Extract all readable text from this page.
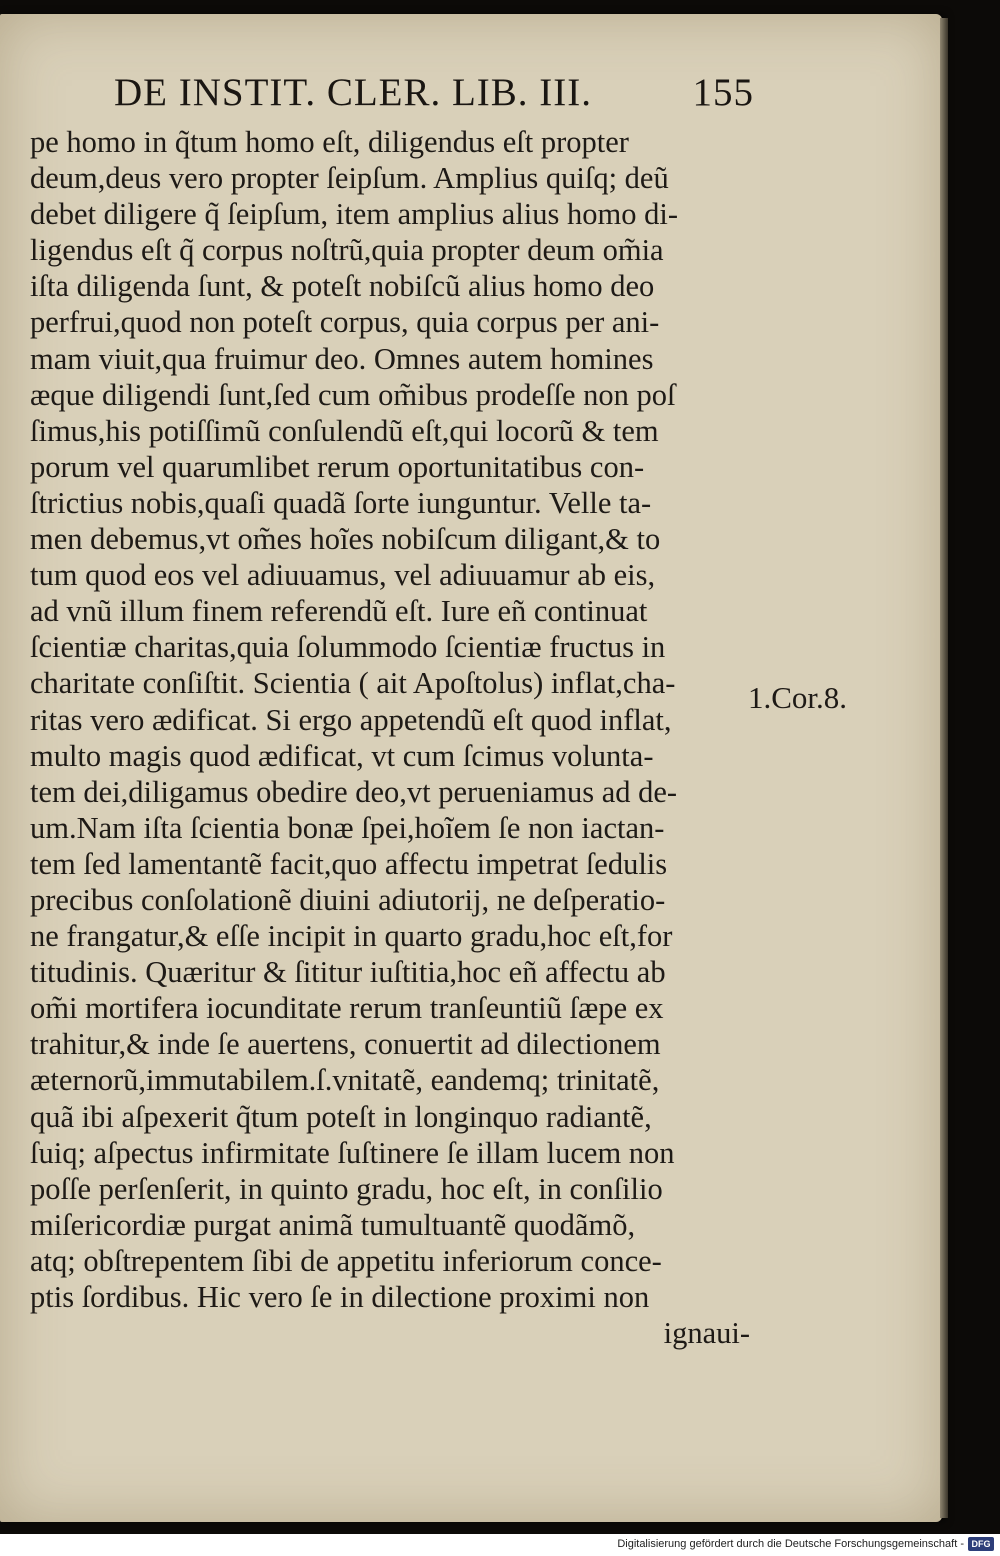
DE INSTIT. CLER. LIB. III.	155
pe homo in q̃tum homo eſt, diligendus eſt propter
deum,deus vero propter ſeipſum. Amplius quiſq; deũ
debet diligere q̃ ſeipſum, item amplius alius homo di-
ligendus eſt q̃ corpus noſtrũ,quia propter deum om̃ia
iſta diligenda ſunt, & poteſt nobiſcũ alius homo deo
perfrui,quod non poteſt corpus, quia corpus per ani-
mam viuit,qua fruimur deo. Omnes autem homines
æque diligendi ſunt,ſed cum om̃ibus prodeſſe non poſ
ſimus,his potiſſimũ conſulendũ eſt,qui locorũ & tem
porum vel quarumlibet rerum oportunitatibus con-
ſtrictius nobis,quaſi quadã ſorte iunguntur. Velle ta-
men debemus,vt om̃es hoĩes nobiſcum diligant,& to
tum quod eos vel adiuuamus, vel adiuuamur ab eis,
ad vnũ illum finem referendũ eſt. Iure eñ continuat
ſcientiæ charitas,quia ſolummodo ſcientiæ fructus in
charitate conſiſtit. Scientia ( ait Apoſtolus) inflat,cha-
ritas vero ædificat. Si ergo appetendũ eſt quod inflat,
multo magis quod ædificat, vt cum ſcimus volunta-
tem dei,diligamus obedire deo,vt perueniamus ad de-
um.Nam iſta ſcientia bonæ ſpei,hoĩem ſe non iactan-
tem ſed lamentantẽ facit,quo affectu impetrat ſedulis
precibus conſolationẽ diuini adiutorij, ne deſperatio-
ne frangatur,& eſſe incipit in quarto gradu,hoc eſt,for
titudinis. Quæritur & ſititur iuſtitia,hoc eñ affectu ab
om̃i mortifera iocunditate rerum tranſeuntiũ ſæpe ex
trahitur,& inde ſe auertens, conuertit ad dilectionem
æternorũ,immutabilem.ſ.vnitatẽ, eandemq; trinitatẽ,
quã ibi aſpexerit q̃tum poteſt in longinquo radiantẽ,
ſuiq; aſpectus infirmitate ſuſtinere ſe illam lucem non
poſſe perſenſerit, in quinto gradu, hoc eſt, in conſilio
miſericordiæ purgat animã tumultuantẽ quodãmõ,
atq; obſtrepentem ſibi de appetitu inferiorum conce-
ptis ſordibus. Hic vero ſe in dilectione proximi non
ignaui-
1.Cor.8.
Digitalisierung gefördert durch die Deutsche Forschungsgemeinschaft - DFG
